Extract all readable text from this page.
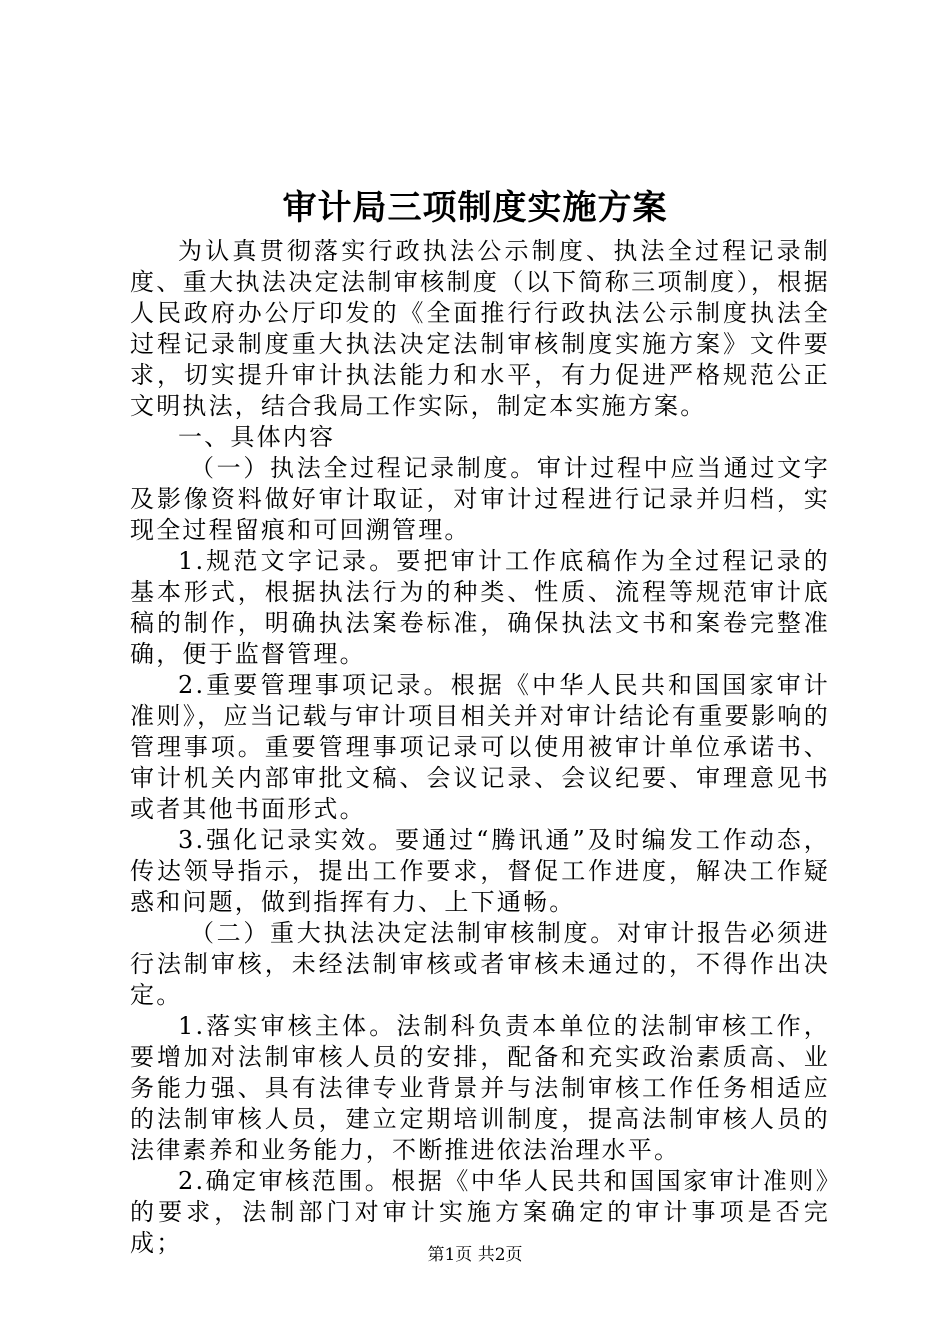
审计局三项制度实施方案

为认真贯彻落实行政执法公示制度、执法全过程记录制度、重大执法决定法制审核制度（以下简称三项制度），根据人民政府办公厅印发的《全面推行行政执法公示制度执法全过程记录制度重大执法决定法制审核制度实施方案》文件要求，切实提升审计执法能力和水平，有力促进严格规范公正文明执法，结合我局工作实际，制定本实施方案。

一、具体内容

（一）执法全过程记录制度。审计过程中应当通过文字及影像资料做好审计取证，对审计过程进行记录并归档，实现全过程留痕和可回溯管理。

1.规范文字记录。要把审计工作底稿作为全过程记录的基本形式，根据执法行为的种类、性质、流程等规范审计底稿的制作，明确执法案卷标准，确保执法文书和案卷完整准确，便于监督管理。

2.重要管理事项记录。根据《中华人民共和国国家审计准则》，应当记载与审计项目相关并对审计结论有重要影响的管理事项。重要管理事项记录可以使用被审计单位承诺书、审计机关内部审批文稿、会议记录、会议纪要、审理意见书或者其他书面形式。

3.强化记录实效。要通过“腾讯通”及时编发工作动态，传达领导指示，提出工作要求，督促工作进度，解决工作疑惑和问题，做到指挥有力、上下通畅。

（二）重大执法决定法制审核制度。对审计报告必须进行法制审核，未经法制审核或者审核未通过的，不得作出决定。

1.落实审核主体。法制科负责本单位的法制审核工作，要增加对法制审核人员的安排，配备和充实政治素质高、业务能力强、具有法律专业背景并与法制审核工作任务相适应的法制审核人员，建立定期培训制度，提高法制审核人员的法律素养和业务能力，不断推进依法治理水平。

2.确定审核范围。根据《中华人民共和国国家审计准则》的要求，法制部门对审计实施方案确定的审计事项是否完成；	第1页 共2页
